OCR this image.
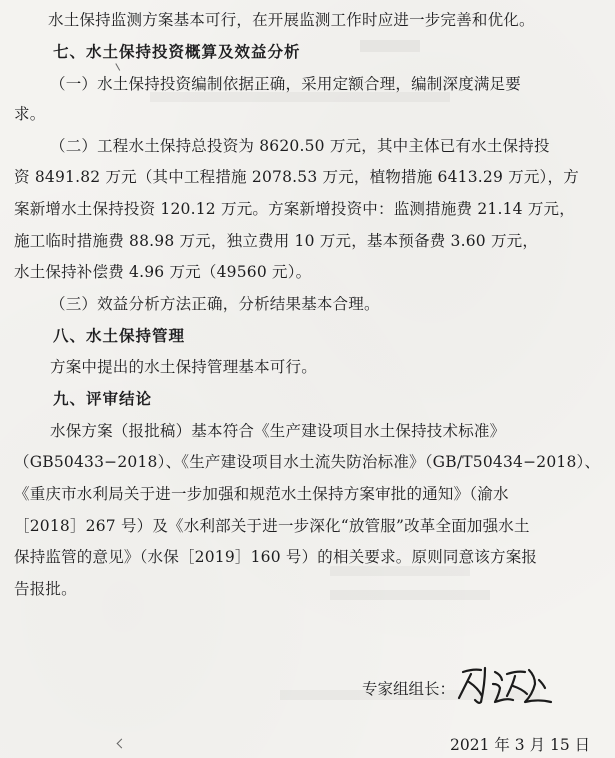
水土保持监测方案基本可行，在开展监测工作时应进一步完善和优化。
七、水土保持投资概算及效益分析
（一）水土保持投资编制依据正确，采用定额合理，编制深度满足要
求。
（二）工程水土保持总投资为 8620.50 万元，其中主体已有水土保持投
资 8491.82 万元（其中工程措施 2078.53 万元，植物措施 6413.29 万元），方
案新增水土保持投资 120.12 万元。方案新增投资中：监测措施费 21.14 万元，
施工临时措施费 88.98 万元，独立费用 10 万元，基本预备费 3.60 万元，
水土保持补偿费 4.96 万元（49560 元）。
（三）效益分析方法正确，分析结果基本合理。
八、水土保持管理
方案中提出的水土保持管理基本可行。
九、评审结论
水保方案（报批稿）基本符合《生产建设项目水土保持技术标准》
（GB50433−2018）、《生产建设项目水土流失防治标准》（GB/T50434−2018）、
《重庆市水利局关于进一步加强和规范水土保持方案审批的通知》（渝水
［2018］267 号）及《水利部关于进一步深化“放管服”改革全面加强水土
保持监管的意见》（水保［2019］160 号）的相关要求。原则同意该方案报
告报批。
专家组组长：
2021 年 3 月 15 日
